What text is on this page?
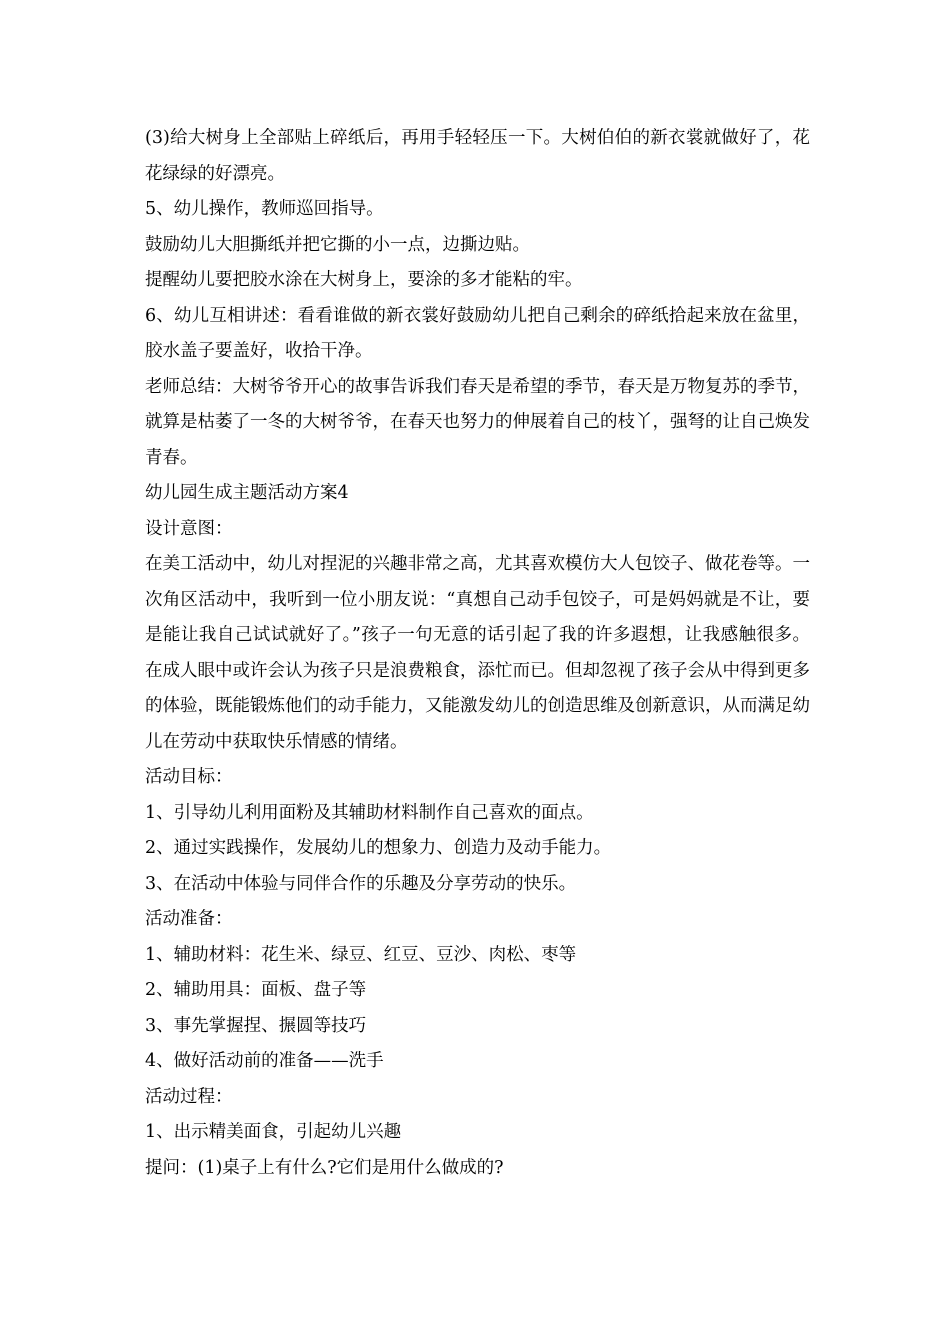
(3)给大树身上全部贴上碎纸后，再用手轻轻压一下。大树伯伯的新衣裳就做好了，花花绿绿的好漂亮。

5、幼儿操作，教师巡回指导。

鼓励幼儿大胆撕纸并把它撕的小一点，边撕边贴。

提醒幼儿要把胶水涂在大树身上，要涂的多才能粘的牢。

6、幼儿互相讲述：看看谁做的新衣裳好鼓励幼儿把自己剩余的碎纸拾起来放在盆里，胶水盖子要盖好，收拾干净。

老师总结：大树爷爷开心的故事告诉我们春天是希望的季节，春天是万物复苏的季节，就算是枯萎了一冬的大树爷爷，在春天也努力的伸展着自己的枝丫，强弩的让自己焕发青春。

幼儿园生成主题活动方案4

设计意图：

在美工活动中，幼儿对捏泥的兴趣非常之高，尤其喜欢模仿大人包饺子、做花卷等。一次角区活动中，我听到一位小朋友说：“真想自己动手包饺子，可是妈妈就是不让，要是能让我自己试试就好了。”孩子一句无意的话引起了我的许多遐想，让我感触很多。在成人眼中或许会认为孩子只是浪费粮食，添忙而已。但却忽视了孩子会从中得到更多的体验，既能锻炼他们的动手能力，又能激发幼儿的创造思维及创新意识，从而满足幼儿在劳动中获取快乐情感的情绪。

活动目标：

1、引导幼儿利用面粉及其辅助材料制作自己喜欢的面点。

2、通过实践操作，发展幼儿的想象力、创造力及动手能力。

3、在活动中体验与同伴合作的乐趣及分享劳动的快乐。

活动准备：

1、辅助材料：花生米、绿豆、红豆、豆沙、肉松、枣等

2、辅助用具：面板、盘子等

3、事先掌握捏、搌圆等技巧

4、做好活动前的准备——洗手

活动过程：

1、出示精美面食，引起幼儿兴趣

提问：(1)桌子上有什么?它们是用什么做成的?
